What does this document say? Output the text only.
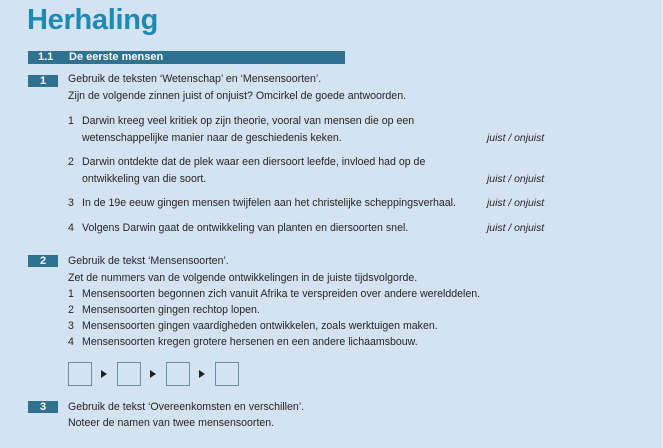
Herhaling
1.1 De eerste mensen
1	Gebruik de teksten ‘Wetenschap’ en ‘Mensensoorten’.
Zijn de volgende zinnen juist of onjuist? Omcirkel de goede antwoorden.
1 Darwin kreeg veel kritiek op zijn theorie, vooral van mensen die op een
wetenschappelijke manier naar de geschiedenis keken.	juist / onjuist
2 Darwin ontdekte dat de plek waar een diersoort leefde, invloed had op de
ontwikkeling van die soort.	juist / onjuist
3 In de 19e eeuw gingen mensen twijfelen aan het christelijke scheppingsverhaal.	juist / onjuist
4 Volgens Darwin gaat de ontwikkeling van planten en diersoorten snel.	juist / onjuist
2	Gebruik de tekst ‘Mensensoorten’.
Zet de nummers van de volgende ontwikkelingen in de juiste tijdsvolgorde.
1 Mensensoorten begonnen zich vanuit Afrika te verspreiden over andere werelddelen.
2 Mensensoorten gingen rechtop lopen.
3 Mensensoorten gingen vaardigheden ontwikkelen, zoals werktuigen maken.
4 Mensensoorten kregen grotere hersenen en een andere lichaamsbouw.
3	Gebruik de tekst ‘Overeenkomsten en verschillen’.
Noteer de namen van twee mensensoorten.
